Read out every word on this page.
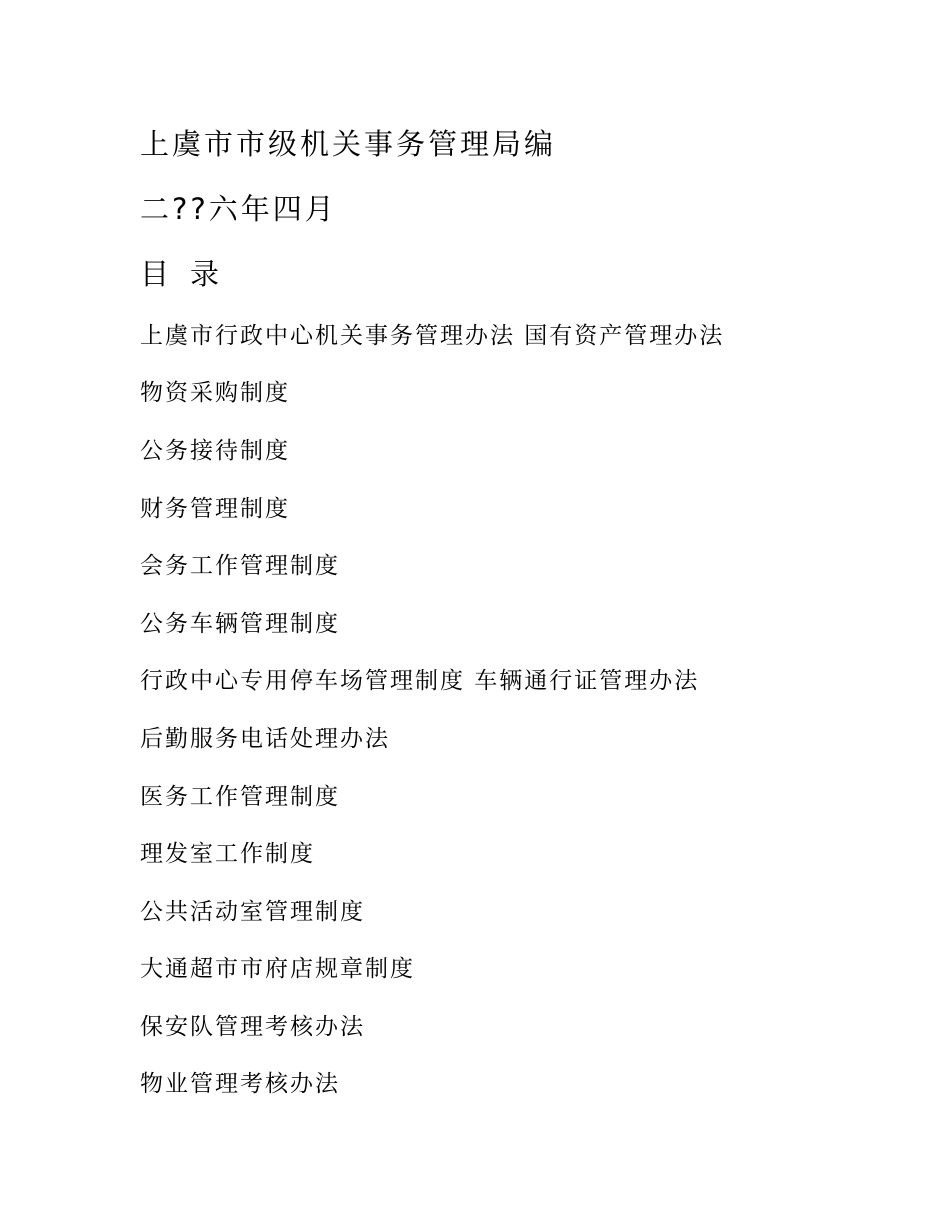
上虞市市级机关事务管理局编

二??六年四月

目 录

上虞市行政中心机关事务管理办法 国有资产管理办法

物资采购制度

公务接待制度

财务管理制度

会务工作管理制度

公务车辆管理制度

行政中心专用停车场管理制度 车辆通行证管理办法

后勤服务电话处理办法

医务工作管理制度

理发室工作制度

公共活动室管理制度

大通超市市府店规章制度

保安队管理考核办法

物业管理考核办法
